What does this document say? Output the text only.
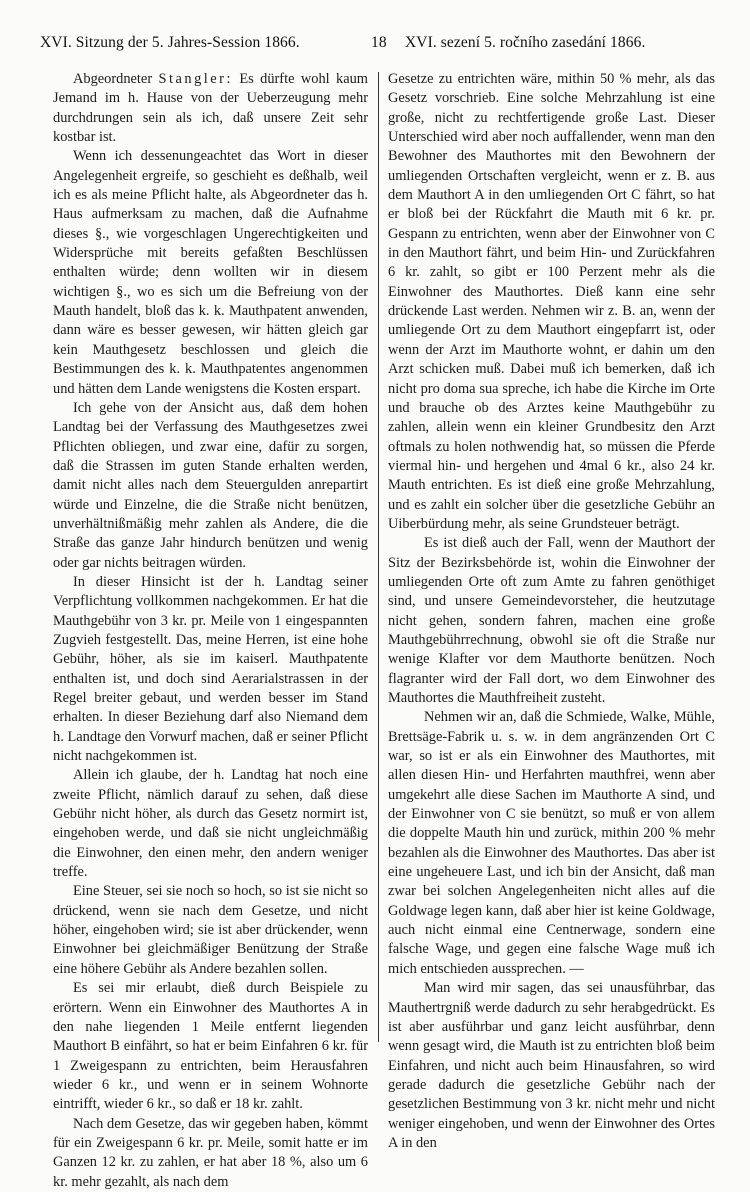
XVI. Sitzung der 5. Jahres-Session 1866.	18 XVI. sezení 5. ročního zasedání 1866.

Abgeordneter Stangler: Es dürfte wohl kaum Jemand im h. Hause von der Ueberzeugung mehr durchdrungen sein als ich, daß unsere Zeit sehr kostbar ist.

Wenn ich dessenungeachtet das Wort in dieser Angelegenheit ergreife, so geschieht es deßhalb, weil ich es als meine Pflicht halte, als Abgeordneter das h. Haus aufmerksam zu machen, daß die Aufnahme dieses §., wie vorgeschlagen Ungerechtigkeiten und Widersprüche mit bereits gefaßten Beschlüssen enthalten würde; denn wollten wir in diesem wichtigen §., wo es sich um die Befreiung von der Mauth handelt, bloß das k. k. Mauthpatent anwenden, dann wäre es besser gewesen, wir hätten gleich gar kein Mauthgesetz beschlossen und gleich die Bestimmungen des k. k. Mauthpatentes angenommen und hätten dem Lande wenigstens die Kosten erspart.

Ich gehe von der Ansicht aus, daß dem hohen Landtag bei der Verfassung des Mauthgesetzes zwei Pflichten obliegen, und zwar eine, dafür zu sorgen, daß die Strassen im guten Stande erhalten werden, damit nicht alles nach dem Steuergulden anrepartirt würde und Einzelne, die die Straße nicht benützen, unverhältnißmäßig mehr zahlen als Andere, die die Straße das ganze Jahr hindurch benützen und wenig oder gar nichts beitragen würden.

In dieser Hinsicht ist der h. Landtag seiner Verpflichtung vollkommen nachgekommen. Er hat die Mauthgebühr von 3 kr. pr. Meile von 1 eingespannten Zugvieh festgestellt. Das, meine Herren, ist eine hohe Gebühr, höher, als sie im kaiserl. Mauthpatente enthalten ist, und doch sind Aerarialstrassen in der Regel breiter gebaut, und werden besser im Stand erhalten. In dieser Beziehung darf also Niemand dem h. Landtage den Vorwurf machen, daß er seiner Pflicht nicht nachgekommen ist.

Allein ich glaube, der h. Landtag hat noch eine zweite Pflicht, nämlich darauf zu sehen, daß diese Gebühr nicht höher, als durch das Gesetz normirt ist, eingehoben werde, und daß sie nicht ungleichmäßig die Einwohner, den einen mehr, den andern weniger treffe.

Eine Steuer, sei sie noch so hoch, so ist sie nicht so drückend, wenn sie nach dem Gesetze, und nicht höher, eingehoben wird; sie ist aber drückender, wenn Einwohner bei gleichmäßiger Benützung der Straße eine höhere Gebühr als Andere bezahlen sollen.

Es sei mir erlaubt, dieß durch Beispiele zu erörtern. Wenn ein Einwohner des Mauthortes A in den nahe liegenden 1 Meile entfernt liegenden Mauthort B einfährt, so hat er beim Einfahren 6 kr. für 1 Zweigespann zu entrichten, beim Herausfahren wieder 6 kr., und wenn er in seinem Wohnorte eintrifft, wieder 6 kr., so daß er 18 kr. zahlt.

Nach dem Gesetze, das wir gegeben haben, kömmt für ein Zweigespann 6 kr. pr. Meile, somit hatte er im Ganzen 12 kr. zu zahlen, er hat aber 18 %, also um 6 kr. mehr gezahlt, als nach dem

Gesetze zu entrichten wäre, mithin 50 % mehr, als das Gesetz vorschrieb. Eine solche Mehrzahlung ist eine große, nicht zu rechtfertigende große Last. Dieser Unterschied wird aber noch auffallender, wenn man den Bewohner des Mauthortes mit den Bewohnern der umliegenden Ortschaften vergleicht, wenn er z. B. aus dem Mauthort A in den umliegenden Ort C fährt, so hat er bloß bei der Rückfahrt die Mauth mit 6 kr. pr. Gespann zu entrichten, wenn aber der Einwohner von C in den Mauthort fährt, und beim Hin- und Zurückfahren 6 kr. zahlt, so gibt er 100 Perzent mehr als die Einwohner des Mauthortes. Dieß kann eine sehr drückende Last werden. Nehmen wir z. B. an, wenn der umliegende Ort zu dem Mauthort eingepfarrt ist, oder wenn der Arzt im Mauthorte wohnt, er dahin um den Arzt schicken muß. Dabei muß ich bemerken, daß ich nicht pro doma sua spreche, ich habe die Kirche im Orte und brauche ob des Arztes keine Mauthgebühr zu zahlen, allein wenn ein kleiner Grundbesitz den Arzt oftmals zu holen nothwendig hat, so müssen die Pferde viermal hin- und hergehen und 4mal 6 kr., also 24 kr. Mauth entrichten. Es ist dieß eine große Mehrzahlung, und es zahlt ein solcher über die gesetzliche Gebühr an Uiberbürdung mehr, als seine Grundsteuer beträgt.

Es ist dieß auch der Fall, wenn der Mauthort der Sitz der Bezirksbehörde ist, wohin die Einwohner der umliegenden Orte oft zum Amte zu fahren genöthiget sind, und unsere Gemeindevorsteher, die heutzutage nicht gehen, sondern fahren, machen eine große Mauthgebührrechnung, obwohl sie oft die Straße nur wenige Klafter vor dem Mauthorte benützen. Noch flagranter wird der Fall dort, wo dem Einwohner des Mauthortes die Mauthfreiheit zusteht.

Nehmen wir an, daß die Schmiede, Walke, Mühle, Brettsäge-Fabrik u. s. w. in dem angränzenden Ort C war, so ist er als ein Einwohner des Mauthortes, mit allen diesen Hin- und Herfahrten mauthfrei, wenn aber umgekehrt alle diese Sachen im Mauthorte A sind, und der Einwohner von C sie benützt, so muß er von allem die doppelte Mauth hin und zurück, mithin 200 % mehr bezahlen als die Einwohner des Mauthortes. Das aber ist eine ungeheuere Last, und ich bin der Ansicht, daß man zwar bei solchen Angelegenheiten nicht alles auf die Goldwage legen kann, daß aber hier ist keine Goldwage, auch nicht einmal eine Centnerwage, sondern eine falsche Wage, und gegen eine falsche Wage muß ich mich entschieden aussprechen. —

Man wird mir sagen, das sei unausführbar, das Mauthertrgniß werde dadurch zu sehr herabgedrückt. Es ist aber ausführbar und ganz leicht ausführbar, denn wenn gesagt wird, die Mauth ist zu entrichten bloß beim Einfahren, und nicht auch beim Hinausfahren, so wird gerade dadurch die gesetzliche Gebühr nach der gesetzlichen Bestimmung von 3 kr. nicht mehr und nicht weniger eingehoben, und wenn der Einwohner des Ortes A in den
